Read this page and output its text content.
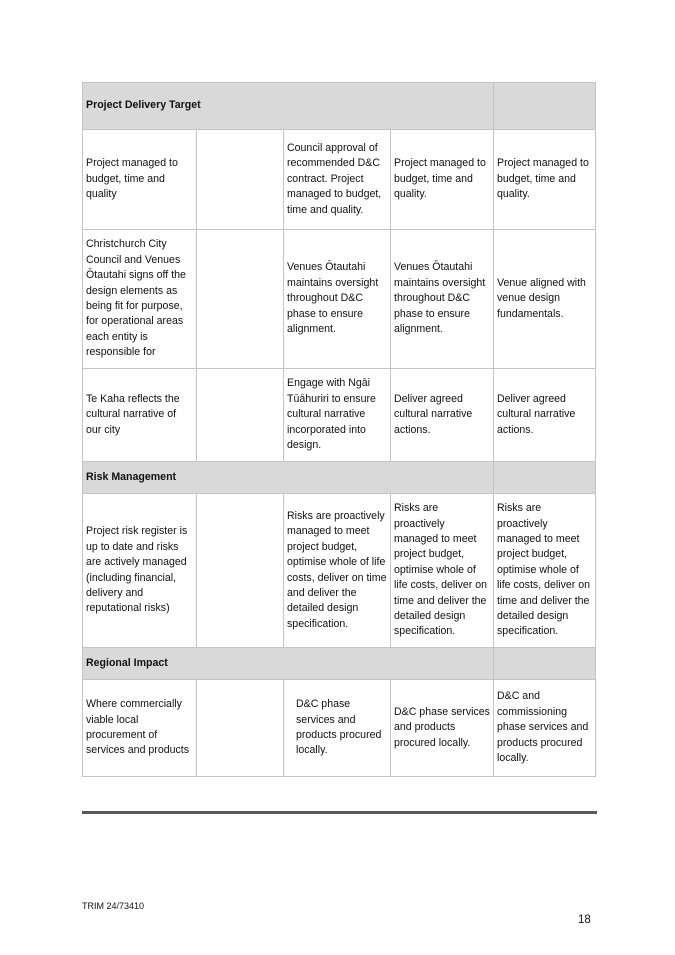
Project Delivery Target				
Project managed to budget, time and quality		Council approval of recommended D&C contract. Project managed to budget, time and quality.	Project managed to budget, time and quality.	Project managed to budget, time and quality.
Christchurch City Council and Venues Ōtautahi signs off the design elements as being fit for purpose, for operational areas each entity is responsible for		Venues Ōtautahi maintains oversight throughout D&C phase to ensure alignment.	Venues Ōtautahi maintains oversight throughout D&C phase to ensure alignment.	Venue aligned with venue design fundamentals.
Te Kaha reflects the cultural narrative of our city		Engage with Ngāi Tūāhuriri to ensure cultural narrative incorporated into design.	Deliver agreed cultural narrative actions.	Deliver agreed cultural narrative actions.
Risk Management				
Project risk register is up to date and risks are actively managed (including financial, delivery and reputational risks)		Risks are proactively managed to meet project budget, optimise whole of life costs, deliver on time and deliver the detailed design specification.	Risks are proactively managed to meet project budget, optimise whole of life costs, deliver on time and deliver the detailed design specification.	Risks are proactively managed to meet project budget, optimise whole of life costs, deliver on time and deliver the detailed design specification.
Regional Impact				
Where commercially viable local procurement of services and products		D&C phase services and products procured locally.	D&C phase services and products procured locally.	D&C and commissioning phase services and products procured locally.
TRIM 24/73410
18
